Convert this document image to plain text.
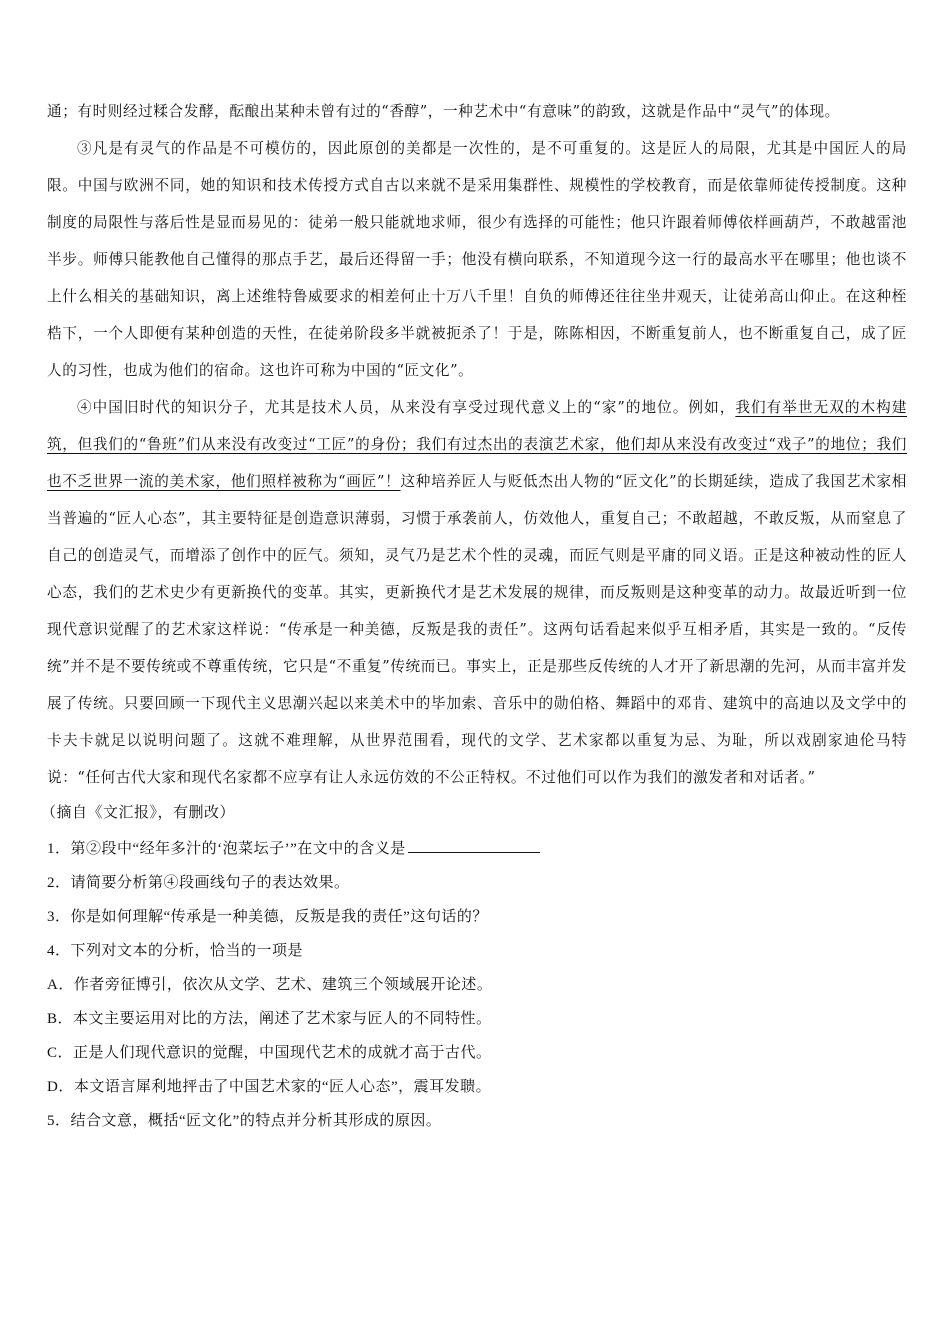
通；有时则经过糅合发酵，酝酿出某种未曾有过的“香醇”，一种艺术中“有意味”的韵致，这就是作品中“灵气”的体现。

③凡是有灵气的作品是不可模仿的，因此原创的美都是一次性的，是不可重复的。这是匠人的局限，尤其是中国匠人的局限。中国与欧洲不同，她的知识和技术传授方式自古以来就不是采用集群性、规模性的学校教育，而是依靠师徒传授制度。这种制度的局限性与落后性是显而易见的：徒弟一般只能就地求师，很少有选择的可能性；他只许跟着师傅依样画葫芦，不敢越雷池半步。师傅只能教他自己懂得的那点手艺，最后还得留一手；他没有横向联系，不知道现今这一行的最高水平在哪里；他也谈不上什么相关的基础知识，离上述维特鲁威要求的相差何止十万八千里！自负的师傅还往往坐井观天，让徒弟高山仰止。在这种桎梏下，一个人即便有某种创造的天性，在徒弟阶段多半就被扼杀了！于是，陈陈相因，不断重复前人，也不断重复自己，成了匠人的习性，也成为他们的宿命。这也许可称为中国的“匠文化”。

④中国旧时代的知识分子，尤其是技术人员，从来没有享受过现代意义上的“家”的地位。例如，我们有举世无双的木构建筑，但我们的“鲁班”们从来没有改变过“工匠”的身份；我们有过杰出的表演艺术家，他们却从来没有改变过“戏子”的地位；我们也不乏世界一流的美术家，他们照样被称为“画匠”！这种培养匠人与贬低杰出人物的“匠文化”的长期延续，造成了我国艺术家相当普遍的“匠人心态”，其主要特征是创造意识薄弱，习惯于承袭前人，仿效他人，重复自己；不敢超越，不敢反叛，从而窒息了自己的创造灵气，而增添了创作中的匠气。须知，灵气乃是艺术个性的灵魂，而匠气则是平庸的同义语。正是这种被动性的匠人心态，我们的艺术史少有更新换代的变革。其实，更新换代才是艺术发展的规律，而反叛则是这种变革的动力。故最近听到一位现代意识觉醒了的艺术家这样说：“传承是一种美德，反叛是我的责任”。这两句话看起来似乎互相矛盾，其实是一致的。“反传统”并不是不要传统或不尊重传统，它只是“不重复”传统而已。事实上，正是那些反传统的人才开了新思潮的先河，从而丰富并发展了传统。只要回顾一下现代主义思潮兴起以来美术中的毕加索、音乐中的勋伯格、舞蹈中的邓肯、建筑中的高迪以及文学中的卡夫卡就足以说明问题了。这就不难理解，从世界范围看，现代的文学、艺术家都以重复为忌、为耻，所以戏剧家迪伦马特说：“任何古代大家和现代名家都不应享有让人永远仿效的不公正特权。不过他们可以作为我们的激发者和对话者。”

（摘自《文汇报》，有删改）

1．第②段中“经年多汁的‘泡菜坛子’”在文中的含义是

2．请简要分析第④段画线句子的表达效果。

3．你是如何理解“传承是一种美德，反叛是我的责任”这句话的？

4．下列对文本的分析，恰当的一项是

A．作者旁征博引，依次从文学、艺术、建筑三个领域展开论述。

B．本文主要运用对比的方法，阐述了艺术家与匠人的不同特性。

C．正是人们现代意识的觉醒，中国现代艺术的成就才高于古代。

D．本文语言犀利地抨击了中国艺术家的“匠人心态”，震耳发聩。

5．结合文意，概括“匠文化”的特点并分析其形成的原因。
